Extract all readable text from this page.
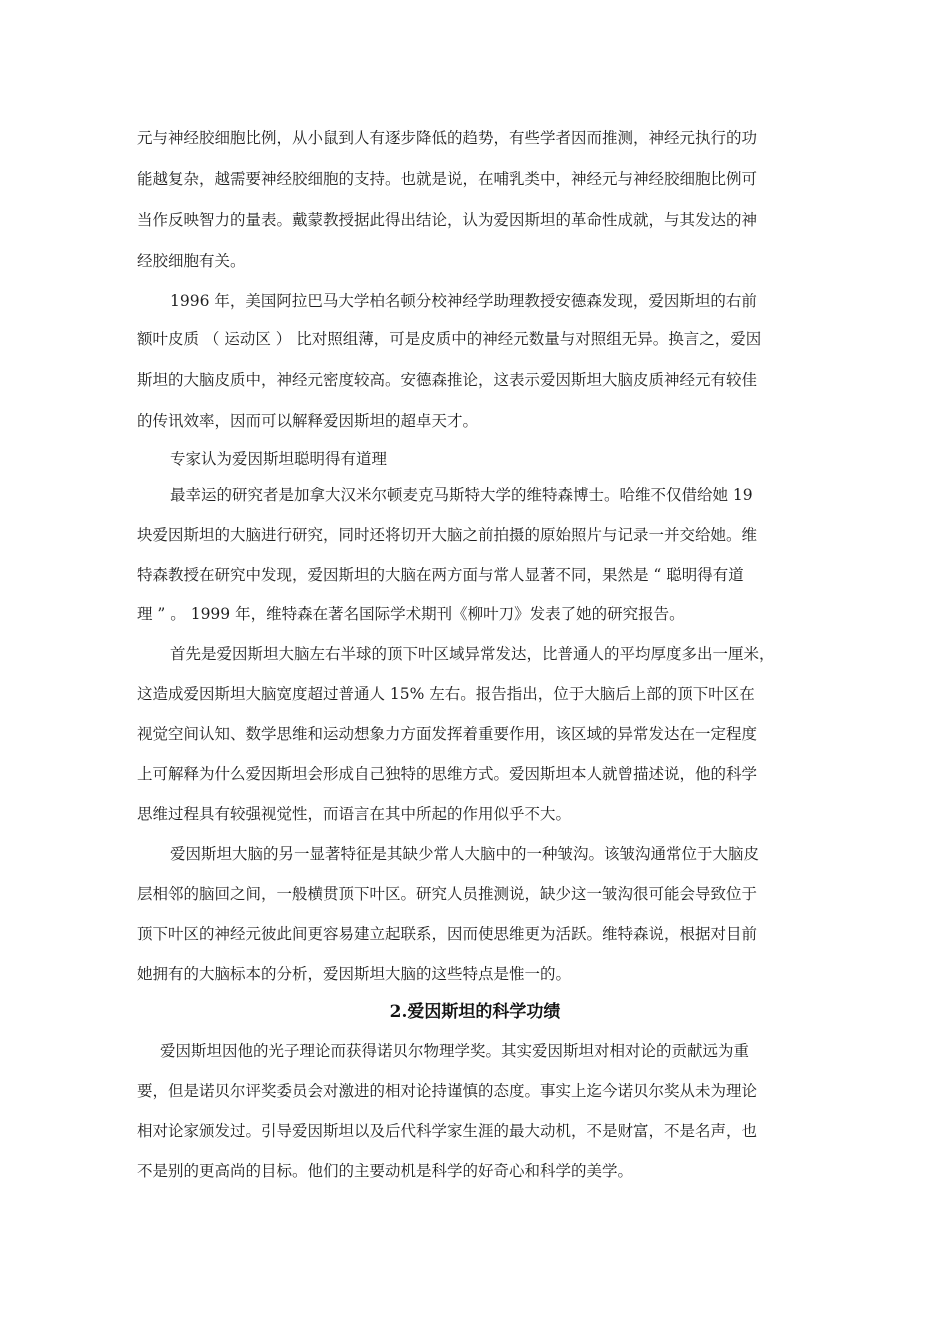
元与神经胶细胞比例，从小鼠到人有逐步降低的趋势，有些学者因而推测，神经元执行的功
能越复杂，越需要神经胶细胞的支持。也就是说，在哺乳类中，神经元与神经胶细胞比例可
当作反映智力的量表。戴蒙教授据此得出结论，认为爱因斯坦的革命性成就，与其发达的神
经胶细胞有关。
1996 年，美国阿拉巴马大学柏名顿分校神经学助理教授安德森发现，爱因斯坦的右前
额叶皮质 （ 运动区 ） 比对照组薄，可是皮质中的神经元数量与对照组无异。换言之，爱因
斯坦的大脑皮质中，神经元密度较高。安德森推论，这表示爱因斯坦大脑皮质神经元有较佳
的传讯效率，因而可以解释爱因斯坦的超卓天才。
专家认为爱因斯坦聪明得有道理
最幸运的研究者是加拿大汉米尔顿麦克马斯特大学的维特森博士。哈维不仅借给她 19
块爱因斯坦的大脑进行研究，同时还将切开大脑之前拍摄的原始照片与记录一并交给她。维
特森教授在研究中发现，爱因斯坦的大脑在两方面与常人显著不同，果然是 “ 聪明得有道
理 ” 。 1999 年，维特森在著名国际学术期刊《柳叶刀》发表了她的研究报告。
首先是爱因斯坦大脑左右半球的顶下叶区域异常发达，比普通人的平均厚度多出一厘米，
这造成爱因斯坦大脑宽度超过普通人 15% 左右。报告指出，位于大脑后上部的顶下叶区在
视觉空间认知、数学思维和运动想象力方面发挥着重要作用，该区域的异常发达在一定程度
上可解释为什么爱因斯坦会形成自己独特的思维方式。爱因斯坦本人就曾描述说，他的科学
思维过程具有较强视觉性，而语言在其中所起的作用似乎不大。
爱因斯坦大脑的另一显著特征是其缺少常人大脑中的一种皱沟。该皱沟通常位于大脑皮
层相邻的脑回之间，一般横贯顶下叶区。研究人员推测说，缺少这一皱沟很可能会导致位于
顶下叶区的神经元彼此间更容易建立起联系，因而使思维更为活跃。维特森说，根据对目前
她拥有的大脑标本的分析，爱因斯坦大脑的这些特点是惟一的。
2.爱因斯坦的科学功绩
爱因斯坦因他的光子理论而获得诺贝尔物理学奖。其实爱因斯坦对相对论的贡献远为重
要，但是诺贝尔评奖委员会对激进的相对论持谨慎的态度。事实上迄今诺贝尔奖从未为理论
相对论家颁发过。引导爱因斯坦以及后代科学家生涯的最大动机，不是财富，不是名声，也
不是别的更高尚的目标。他们的主要动机是科学的好奇心和科学的美学。
